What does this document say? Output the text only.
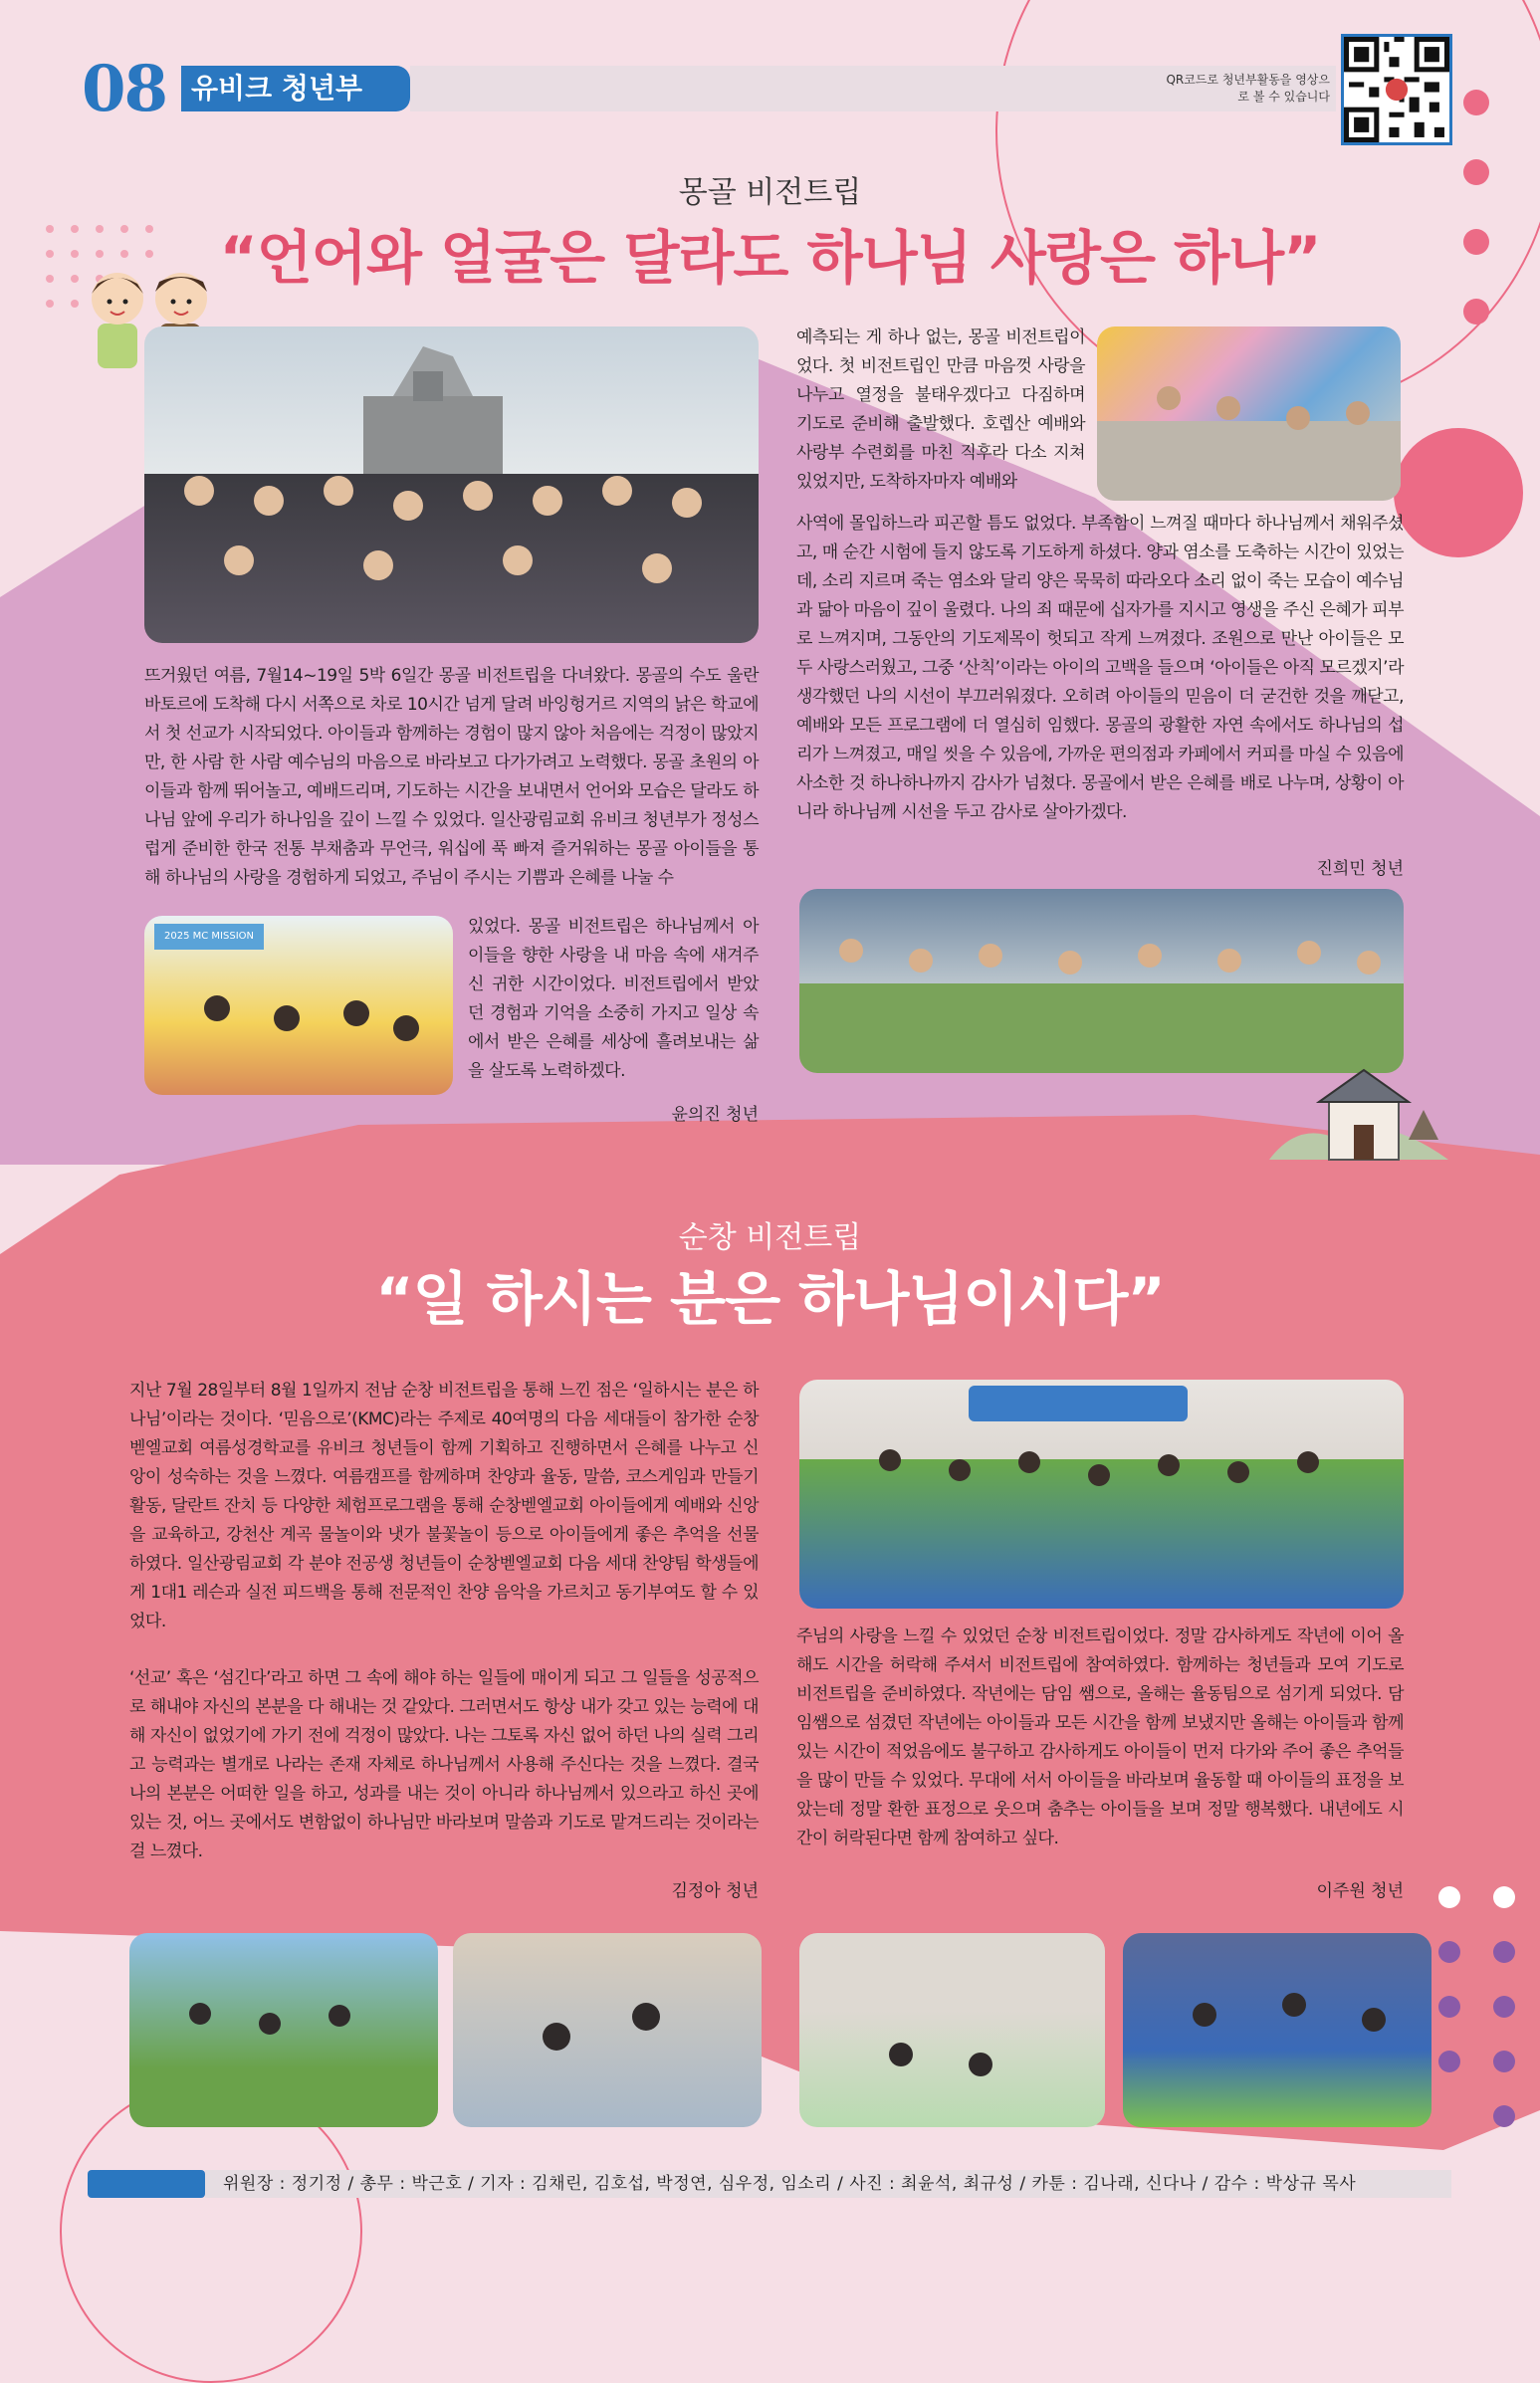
08 유비크 청년부	QR코드로 청년부활동을 영상으로 볼 수 있습니다
몽골 비전트립
“언어와 얼굴은 달라도 하나님 사랑은 하나”
예측되는 게 하나 없는, 몽골 비전트립이었다. 첫 비전트립인 만큼 마음껏 사랑을 나누고 열정을 불태우겠다고 다짐하며 기도로 준비해 출발했다. 호렙산 예배와 사랑부 수련회를 마친 직후라 다소 지쳐 있었지만, 도착하자마자 예배와
사역에 몰입하느라 피곤할 틈도 없었다. 부족함이 느껴질 때마다 하나님께서 채워주셨고, 매 순간 시험에 들지 않도록 기도하게 하셨다. 양과 염소를 도축하는 시간이 있었는데, 소리 지르며 죽는 염소와 달리 양은 묵묵히 따라오다 소리 없이 죽는 모습이 예수님과 닮아 마음이 깊이 울렸다. 나의 죄 때문에 십자가를 지시고 영생을 주신 은혜가 피부로 느껴지며, 그동안의 기도제목이 헛되고 작게 느껴졌다. 조원으로 만난 아이들은 모두 사랑스러웠고, 그중 ‘산칙’이라는 아이의 고백을 들으며 ‘아이들은 아직 모르겠지’라 생각했던 나의 시선이 부끄러워졌다. 오히려 아이들의 믿음이 더 굳건한 것을 깨닫고, 예배와 모든 프로그램에 더 열심히 임했다. 몽골의 광활한 자연 속에서도 하나님의 섭리가 느껴졌고, 매일 씻을 수 있음에, 가까운 편의점과 카페에서 커피를 마실 수 있음에 사소한 것 하나하나까지 감사가 넘쳤다. 몽골에서 받은 은혜를 배로 나누며, 상황이 아니라 하나님께 시선을 두고 감사로 살아가겠다.
진희민 청년
뜨거웠던 여름, 7월14~19일 5박 6일간 몽골 비전트립을 다녀왔다. 몽골의 수도 울란바토르에 도착해 다시 서쪽으로 차로 10시간 넘게 달려 바잉헝거르 지역의 낡은 학교에서 첫 선교가 시작되었다. 아이들과 함께하는 경험이 많지 않아 처음에는 걱정이 많았지만, 한 사람 한 사람 예수님의 마음으로 바라보고 다가가려고 노력했다. 몽골 초원의 아이들과 함께 뛰어놀고, 예배드리며, 기도하는 시간을 보내면서 언어와 모습은 달라도 하나님 앞에 우리가 하나임을 깊이 느낄 수 있었다. 일산광림교회 유비크 청년부가 정성스럽게 준비한 한국 전통 부채춤과 무언극, 워십에 푹 빠져 즐거워하는 몽골 아이들을 통해 하나님의 사랑을 경험하게 되었고, 주님이 주시는 기쁨과 은혜를 나눌 수
2025 MC MISSION	있었다. 몽골 비전트립은 하나님께서 아이들을 향한 사랑을 내 마음 속에 새겨주신 귀한 시간이었다. 비전트립에서 받았던 경험과 기억을 소중히 가지고 일상 속에서 받은 은혜를 세상에 흘려보내는 삶을 살도록 노력하겠다.
윤의진 청년
순창 비전트립
“일 하시는 분은 하나님이시다”
지난 7월 28일부터 8월 1일까지 전남 순창 비전트립을 통해 느낀 점은 ‘일하시는 분은 하나님’이라는 것이다. ‘믿음으로’(KMC)라는 주제로 40여명의 다음 세대들이 참가한 순창벧엘교회 여름성경학교를 유비크 청년들이 함께 기획하고 진행하면서 은혜를 나누고 신앙이 성숙하는 것을 느꼈다. 여름캠프를 함께하며 찬양과 율동, 말씀, 코스게임과 만들기 활동, 달란트 잔치 등 다양한 체험프로그램을 통해 순창벧엘교회 아이들에게 예배와 신앙을 교육하고, 강천산 계곡 물놀이와 냇가 불꽃놀이 등으로 아이들에게 좋은 추억을 선물하였다. 일산광림교회 각 분야 전공생 청년들이 순창벧엘교회 다음 세대 찬양팀 학생들에게 1대1 레슨과 실전 피드백을 통해 전문적인 찬양 음악을 가르치고 동기부여도 할 수 있었다.
‘선교’ 혹은 ‘섬긴다’라고 하면 그 속에 해야 하는 일들에 매이게 되고 그 일들을 성공적으로 해내야 자신의 본분을 다 해내는 것 같았다. 그러면서도 항상 내가 갖고 있는 능력에 대해 자신이 없었기에 가기 전에 걱정이 많았다. 나는 그토록 자신 없어 하던 나의 실력 그리고 능력과는 별개로 나라는 존재 자체로 하나님께서 사용해 주신다는 것을 느꼈다. 결국 나의 본분은 어떠한 일을 하고, 성과를 내는 것이 아니라 하나님께서 있으라고 하신 곳에 있는 것, 어느 곳에서도 변함없이 하나님만 바라보며 말씀과 기도로 맡겨드리는 것이라는 걸 느꼈다.
김정아 청년
주님의 사랑을 느낄 수 있었던 순창 비전트립이었다. 정말 감사하게도 작년에 이어 올해도 시간을 허락해 주셔서 비전트립에 참여하였다. 함께하는 청년들과 모여 기도로 비전트립을 준비하였다. 작년에는 담임 쌤으로, 올해는 율동팀으로 섬기게 되었다. 담임쌤으로 섬겼던 작년에는 아이들과 모든 시간을 함께 보냈지만 올해는 아이들과 함께 있는 시간이 적었음에도 불구하고 감사하게도 아이들이 먼저 다가와 주어 좋은 추억들을 많이 만들 수 있었다. 무대에 서서 아이들을 바라보며 율동할 때 아이들의 표정을 보았는데 정말 환한 표정으로 웃으며 춤추는 아이들을 보며 정말 행복했다. 내년에도 시간이 허락된다면 함께 참여하고 싶다.
이주원 청년
위원장 : 정기정 / 총무 : 박근호 / 기자 : 김채린, 김호섭, 박정연, 심우정, 임소리 / 사진 : 최윤석, 최규성 / 카툰 : 김나래, 신다나 / 감수 : 박상규 목사
